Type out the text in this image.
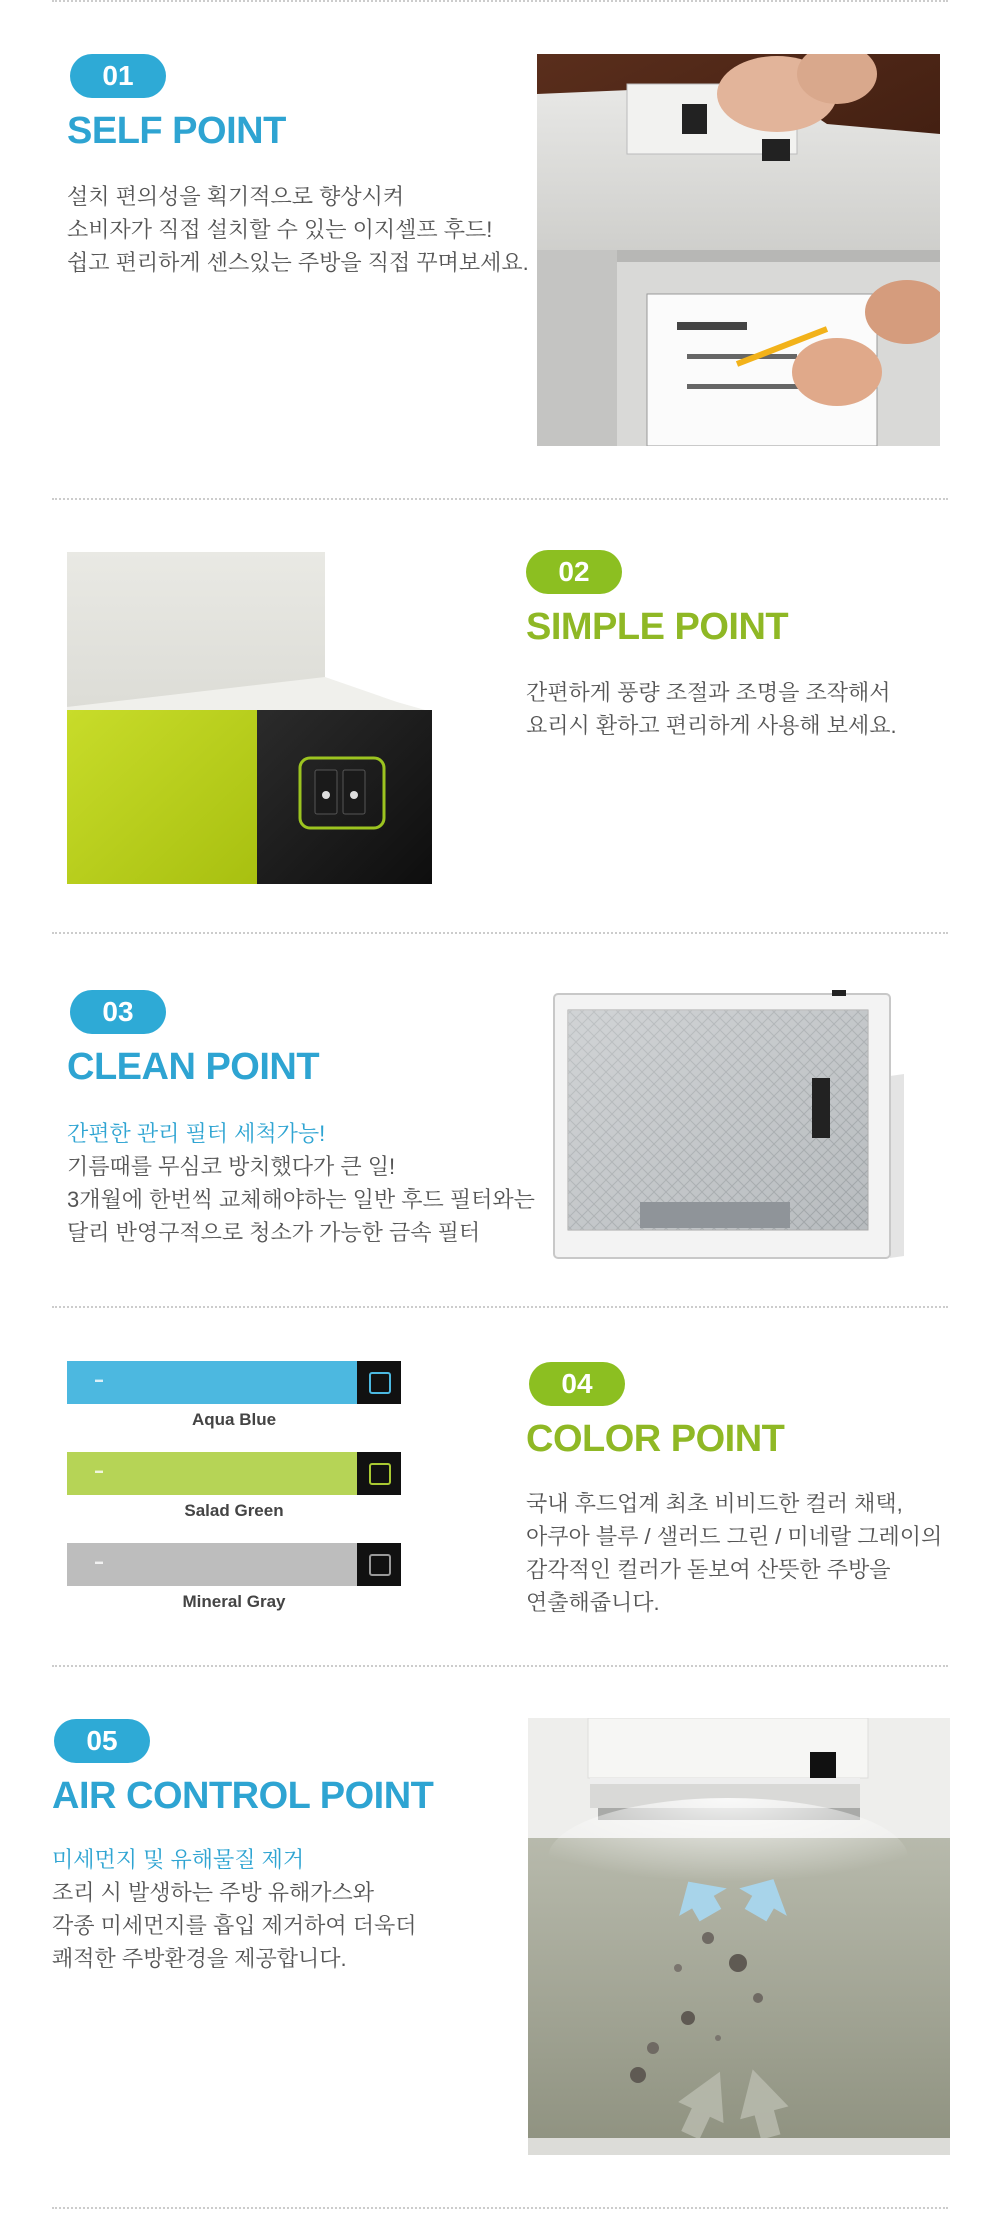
01
SELF POINT
설치 편의성을 획기적으로 향상시켜
소비자가 직접 설치할 수 있는 이지셀프 후드!
쉽고 편리하게 센스있는 주방을 직접 꾸며보세요.
02
SIMPLE POINT
간편하게 풍량 조절과 조명을 조작해서
요리시 환하고 편리하게 사용해 보세요.
03
CLEAN POINT
간편한 관리 필터 세척가능!
기름때를 무심코 방치했다가 큰 일!
3개월에 한번씩 교체해야하는 일반 후드 필터와는
달리 반영구적으로 청소가 가능한 금속 필터
▬
Aqua Blue
▬
Salad Green
▬
Mineral Gray
04
COLOR POINT
국내 후드업계 최초 비비드한 컬러 채택,
아쿠아 블루 / 샐러드 그린 / 미네랄 그레이의
감각적인 컬러가 돋보여 산뜻한 주방을
연출해줍니다.
05
AIR CONTROL POINT
미세먼지 및 유해물질 제거
조리 시 발생하는 주방 유해가스와
각종 미세먼지를 흡입 제거하여 더욱더
쾌적한 주방환경을 제공합니다.
